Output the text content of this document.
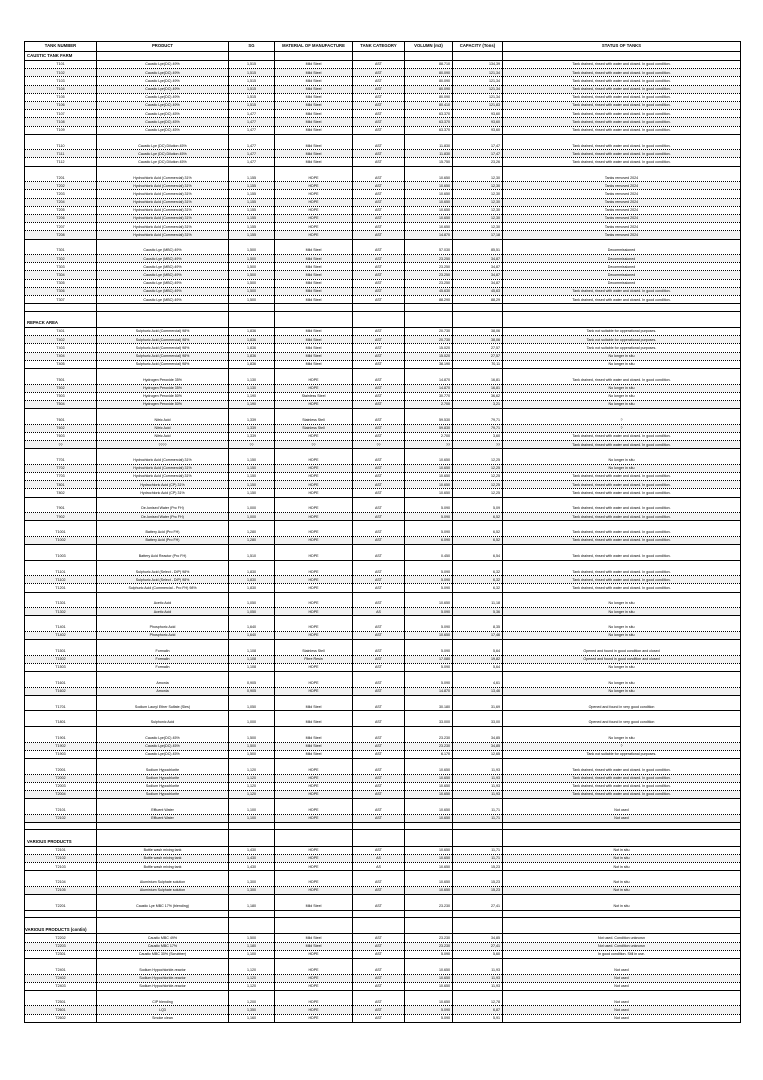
TANK NUMBER	PRODUCT	SG	MATERIAL OF MANUFACTURE	TANK CATEGORY	VOLUMN (m3)	CAPACITY (Tons)	STATUS OF TANKS
CAUSTIC TANK FARM							
T101	Caustic Lye(DC) 49%	1,515	Mild Steel	AST	88.710	134,39	Tank drained, rinsed with water and closed. In good condition.
T102	Caustic Lye(DC) 49%	1,515	Mild Steel	AST	80.090	121,34	Tank drained, rinsed with water and closed. In good condition.
T103	Caustic Lye(DC) 49%	1,515	Mild Steel	AST	80.090	121,34	Tank drained, rinsed with water and closed. In good condition.
T104	Caustic Lye(DC) 49%	1,515	Mild Steel	AST	80.090	121,34	Tank drained, rinsed with water and closed. In good condition.
T105	Caustic Lye(DC) 49%	1,515	Mild Steel	AST	80.090	121,34	Tank drained, rinsed with water and closed. In good condition.
T106	Caustic Lye(DC) 49%	1,515	Mild Steel	AST	80.410	121,83	Tank drained, rinsed with water and closed. In good condition.
T107	Caustic Lye(DC) 45%	1,477	Mild Steel	AST	63.370	93,60	Tank drained, rinsed with water and closed. In good condition.
T108	Caustic Lye(DC) 45%	1,477	Mild Steel	AST	63.370	93,60	Tank drained, rinsed with water and closed. In good condition.
T109	Caustic Lye(DC) 45%	1,477	Mild Steel	AST	63.370	93,60	Tank drained, rinsed with water and closed. In good condition.

T110	Caustic Lye (DC) Dilution 45%	1,477	Mild Steel	AST	11.830	17,47	Tank drained, rinsed with water and closed. In good condition.
T111	Caustic Lye (DC) Dilution 45%	1,477	Mild Steel	AST	11.830	17,47	Tank drained, rinsed with water and closed. In good condition.
T112	Caustic Lye (DC) Dilution 45%	1,477	Mild Steel	AST	15.750	23,26	Tank drained, rinsed with water and closed. In good condition.

T201	Hydrochloric Acid (Commercial) 31%	1,155	HDPE	AST	10.650	12,30	Tanks removed 2024
T202	Hydrochloric Acid (Commercial) 31%	1,155	HDPE	AST	10.650	12,30	Tanks removed 2024
T203	Hydrochloric Acid (Commercial) 31%	1,155	HDPE	AST	10.650	12,30	Tanks removed 2024
T204	Hydrochloric Acid (Commercial) 31%	1,155	HDPE	AST	10.650	12,30	Tanks removed 2024
T205	Hydrochloric Acid (Commercial) 31%	1,155	HDPE	AST	10.650	12,30	Tanks removed 2024
T206	Hydrochloric Acid (Commercial) 31%	1,155	HDPE	AST	10.650	12,30	Tanks removed 2024
T207	Hydrochloric Acid (Commercial) 31%	1,155	HDPE	AST	10.650	12,30	Tanks removed 2024
T208	Hydrochloric Acid (Commercial) 31%	1,155	HDPE	AST	14.870	17,18	Tanks removed 2024

T301	Caustic Lye (MBC) 49%	1,500	Mild Steel	AST	57.030	85,51	Decommissioned
T302	Caustic Lye (MBC) 49%	1,500	Mild Steel	AST	23.250	34,87	Decommissioned
T303	Caustic Lye (MBC) 49%	1,500	Mild Steel	AST	23.250	34,87	Decommissioned
T304	Caustic Lye (MBC) 49%	1,500	Mild Steel	AST	23.250	34,87	Decommissioned
T305	Caustic Lye (MBC) 49%	1,500	Mild Steel	AST	23.250	34,87	Decommissioned
T306	Caustic Lye (MBC) 49%	1,500	Mild Steel	AST	45.630	45,63	Tank drained, rinsed with water and closed. In good condition.
T307	Caustic Lye (MBC) 49%	1,500	Mild Steel	AST	88.290	88,29	Tank drained, rinsed with water and closed. In good condition.

REPACK AREA							
T401	Sulphuric Acid (Commercial) 98%	1,836	Mild Steel	AST	20.730	38,06	Tank not suitable for opperational purposes.
T402	Sulphuric Acid (Commercial) 98%	1,836	Mild Steel	AST	20.730	38,06	Tank not suitable for opperational purposes.
T403	Sulphuric Acid (Commercial) 98%	1,836	Mild Steel	AST	15.020	27,57	Tank not suitable for opperational purposes.
T404	Sulphuric Acid (Commercial) 98%	1,836	Mild Steel	AST	15.020	27,57	No longer in situ
T405	Sulphuric Acid (Commercial) 98%	1,836	Mild Steel	AST	38.190	70,11	No longer in situ

T501	Hydrogen Peroxide 35%	1,130	HDPE	AST	14.870	16,81	Tank drained, rinsed with water and closed. In good condition.
T502	Hydrogen Peroxide 35%	1,130	HDPE	AST	14.870	16,81	No longer in situ
T503	Hydrogen Peroxide 50%	1,190	Stainless Steel	AST	30.770	36,62	No longer in situ
T504	Hydrogen Peroxide 50%	1,190	HDPE	AST	2.700	3,21	No longer in situ

T601	Nitric Acid	1,339	Stainless Stell	AST	59.530	79,71	?
T602	Nitric Acid	1,339	Stainless Stell	AST	59.830	79,71	?
T603	Nitric Acid	1,339	HDPE	AST	2.700	3,60	Tank drained, rinsed with water and closed. In good condition.
??	????	??	??	??	??	??	Tank drained, rinsed with water and closed. In good condition.

T701	Hydrochloric Acid (Commercial) 31%	1,150	HDPE	AST	10.650	12,25	No longer in situ
T702	Hydrochloric Acid (Commercial) 31%	1,150	HDPE	AST	10.650	12,25	No longer in situ
T703	Hydrochloric Acid (Commercial) 31%	1,150	HDPE	AST	10.650	12,25	Tank drained, rinsed with water and closed. In good condition.
T801	Hydrochloric Acid (CP) 31%	1,150	HDPE	AST	10.650	12,25	Tank drained, rinsed with water and closed. In good condition.
T802	Hydrochloric Acid (CP) 31%	1,150	HDPE	AST	10.650	12,25	Tank drained, rinsed with water and closed. In good condition.

T901	De-Ionised Water (Pro FH)	1,000	HDPE	AST	5.090	5,09	Tank drained, rinsed with water and closed. In good condition.
T902	De-Ionised Water (Pro FH)	1,000	HDPE	AST	5.090	6,52	Tank drained, rinsed with water and closed. In good condition.

T1001	Battery Acid (Pro FH)	1,280	HDPE	AST	5.090	6,52	Tank drained, rinsed with water and closed. In good condition.
T1002	Battery Acid (Pro FH)	1,280	HDPE	AST	6.090	6,52	Tank drained, rinsed with water and closed. In good condition.

T1003	Battery Acid Reactor (Pro FH)	1,510	HDPE	AST	0.450	6,54	Tank drained, rinsed with water and closed. In good condition.

T1101	Sulphuric Acid (Select - DIP) 98%	1,830	HDPE	AST	5.090	6,32	Tank drained, rinsed with water and closed. In good condition.
T1102	Sulphuric Acid (Select - DIP) 98%	1,830	HDPE	AST	5.090	6,32	Tank drained, rinsed with water and closed. In good condition.
T1201	Sulphuric Acid (Commercial - Pro FH) 98%	1,830	HDPE	AST	5.090	6,32	Tank drained, rinsed with water and closed. In good condition.

T1301	Acetic Acid	1,050	HDPE	AST	10.650	11,18	No longer in situ
T1302	Acetic Acid	1,050	HDPE	AS	5.090	5,36	No longer in situ

T1401	Phosphoric Acid	1,640	HDPE	AST	5.090	8,35	No longer in situ
T1402	Phosphoric Acid	1,640	HDPE	AST	10.650	17,46	No longer in situ

T1501	Formalin	1,108	Stainless Stell	AST	5.090	5,64	Opened and found in good condition and closed
T1502	Formalin	1,108	Fibre Resin	AST	17.080	19,82	Opened and found in good condition and closed
T1503	Formalin	1,108	HDPE	AST	5.090	5,64	No longer in situ

T1601	Amonia	0,905	HDPE	AST	5.090	4,61	No longer in situ
T1602	Amonia	0,905	HDPE	AST	14.870	13,46	No longer in situ

T1701	Sodium Lauryl Ether Sulfate (Sles)	1,050	Mild Steel	AST	30.180	31,69	Opened and found in very good condition

T1801	Sulphonic Acid	1,000	Mild Steel	AST	33.000	33,00	Opened and found in very good condition

T1901	Caustic Lye(DC) 45%	1,500	Mild Steel	AST	23.230	34,85	No longer in situ
T1902	Caustic Lye(DC) 45%	1,500	Mild Steel	AST	23.230	34,85	?
T1903	Caustic Lye(DC) 45%	1,500	Mild Steel	AST	6.170	12,65	Tank not suitable for opperational purposes.

T2001	Sodium Hypochlorite	1,120	HDPE	AST	10.650	11,93	Tank drained, rinsed with water and closed. In good condition.
T2002	Sodium Hypochlorite	1,120	HDPE	AST	10.650	11,93	Tank drained, rinsed with water and closed. In good condition.
T2003	Sodium Hypochlorite	1,120	HDPE	AST	10.650	11,93	Tank drained, rinsed with water and closed. In good condition.
T2004	Sodium Hypochlorite	1,120	HDPE	AST	10.650	11,93	Tank drained, rinsed with water and closed. In good condition.

T2101	Effluent Water	1,100	HDPE	AST	10.650	11,71	Not used
T2102	Effluent Water	1,100	HDPE	AST	10.650	11,71	Not used

VARIOUS PRODUCTS							
T2101	Bottle wash mixing tank	1,430	HDPE	AST	10.650	11,71	Not in situ
T2102	Bottle wash mixing tank	1,430	HDPE	AS	10.650	11,71	Not in situ
T2103	Bottle wash mixing tank	1,430	HDPE	AS	10.650	15,23	Not in situ

T2104	Aluminium Sulphate solution	1,300	HDPE	AST	10.650	15,23	Not in situ
T2105	Aluminium Sulphate solution	1,300	HDPE	AST	10.650	15,23	Not in situ

T2201	Caustic Lye MBC 17% (blending)	1,180	Mild Steel	AST	23.230	27,41	Not in situ

VARIOUS PRODUCTS (contin)							
T2202	Caustic MBC 49%	1,500	Mild Steel	AST	23.230	34,85	Not used. Condition unknown
T2203	Caustic MBC 17%	1,180	Mild Steel	AST	23.230	27,41	Not used. Condition unknown
T2301	Caustic MBC 30% (Scrubber)	1,100	HDPE	AST	5.090	5,60	In good condition. Still in use.

T2401	Sodium Hypochloride-reactor	1,120	HDPE	AST	10.650	11,93	Not used
T2402	Sodium Hypochloride-reactor	1,120	HDPE	AST	10.650	11,93	Not used
T2403	Sodium Hypochloride-reactor	1,120	HDPE	AST	10.650	11,93	Not used

T2501	CIP blending	1,200	HDPE	AST	10.650	12,78	Not used
T2601	LQ3	1,350	HDPE	AST	5.090	6,87	Not used
T2602	Smoke clean	1,160	HDPE	AST	5.090	5,91	Not used
